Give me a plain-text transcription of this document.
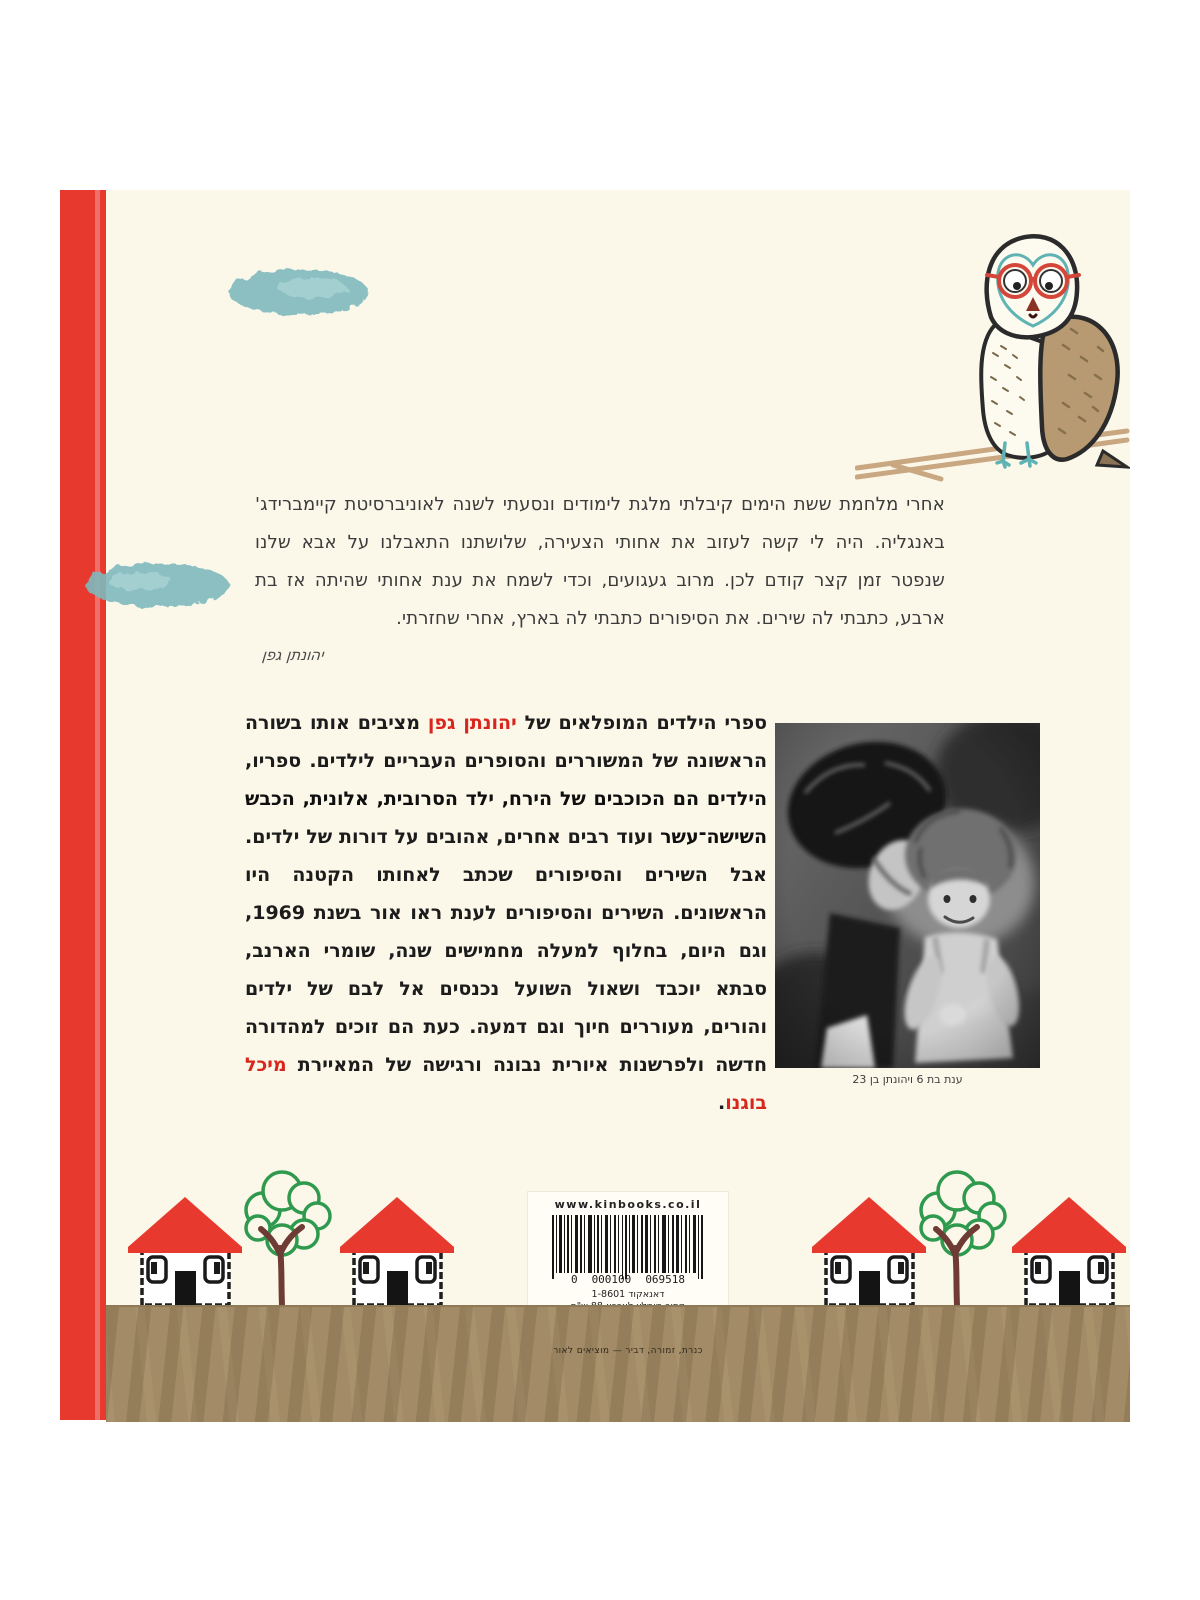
אחרי מלחמת ששת הימים קיבלתי מלגת לימודים ונסעתי לשנה לאוניברסיטת קיימברידג' באנגליה. היה לי קשה לעזוב את אחותי הצעירה, שלושתנו התאבלנו על אבא שלנו שנפטר זמן קצר קודם לכן. מרוב געגועים, וכדי לשמח את ענת אחותי שהיתה אז בת ארבע, כתבתי לה שירים. את הסיפורים כתבתי לה בארץ, אחרי שחזרתי.
יהונתן גפן
ספרי הילדים המופלאים של יהונתן גפן מציבים אותו בשורה הראשונה של המשוררים והסופרים העבריים לילדים. ספריו, הילדים הם הכוכבים של הירח, ילד הסרובית, אלונית, הכבש השישה־עשר ועוד רבים אחרים, אהובים על דורות של ילדים. אבל השירים והסיפורים שכתב לאחותו הקטנה היו הראשונים. השירים והסיפורים לענת ראו אור בשנת 1969, וגם היום, בחלוף למעלה מחמישים שנה, שומרי הארנב, סבתא יוכבד ושאול השועל נכנסים אל לבם של ילדים והורים, מעוררים חיוך וגם דמעה. כעת הם זוכים למהדורה חדשה ולפרשנות איורית נבונה ורגישה של המאיירת מיכל בוגנו.
ענת בת 6 ויהונתן בן 23
www.kinbooks.co.il
0 000100 069518
דאנאקוד 1-8601
כנרת, זמורה, דביר — מוציאים לאור
